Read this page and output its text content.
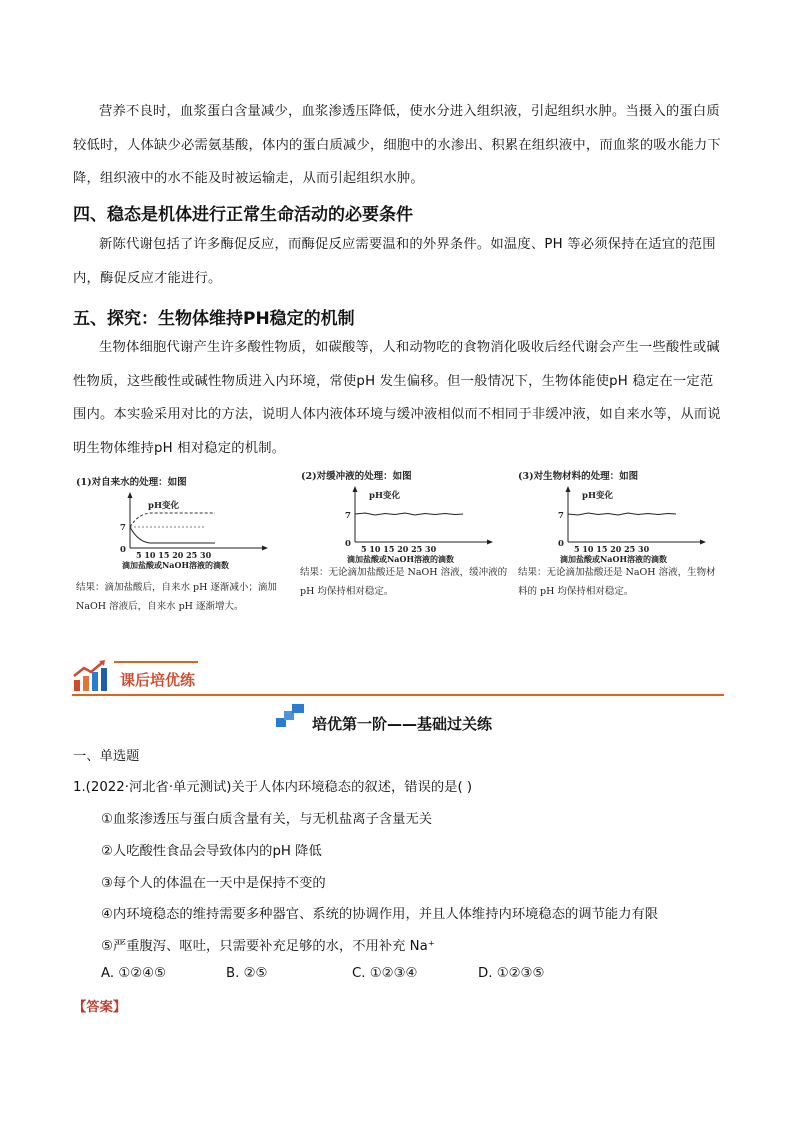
营养不良时，血浆蛋白含量减少，血浆渗透压降低，使水分进入组织液，引起组织水肿。当摄入的蛋白质较低时，人体缺少必需氨基酸，体内的蛋白质减少，细胞中的水渗出、积累在组织液中，而血浆的吸水能力下降，组织液中的水不能及时被运输走，从而引起组织水肿。

四、稳态是机体进行正常生命活动的必要条件

新陈代谢包括了许多酶促反应，而酶促反应需要温和的外界条件。如温度、PH 等必须保持在适宜的范围内，酶促反应才能进行。

五、探究：生物体维持PH稳定的机制

生物体细胞代谢产生许多酸性物质，如碳酸等，人和动物吃的食物消化吸收后经代谢会产生一些酸性或碱性物质，这些酸性或碱性物质进入内环境，常使pH 发生偏移。但一般情况下，生物体能使pH 稳定在一定范围内。本实验采用对比的方法，说明人体内液体环境与缓冲液相似而不相同于非缓冲液，如自来水等，从而说明生物体维持pH 相对稳定的机制。

(1)对自来水的处理：如图
pH变化
7
0 5 10 15 20 25 30
滴加盐酸或NaOH溶液的滴数
结果：滴加盐酸后，自来水 pH 逐渐减小；滴加NaOH 溶液后，自来水 pH 逐渐增大。
(2)对缓冲液的处理：如图
pH变化
7
0 5 10 15 20 25 30
滴加盐酸或NaOH溶液的滴数
结果：无论滴加盐酸还是 NaOH 溶液，缓冲液的 pH 均保持相对稳定。
(3)对生物材料的处理：如图
pH变化
7
0 5 10 15 20 25 30
滴加盐酸或NaOH溶液的滴数
结果：无论滴加盐酸还是 NaOH 溶液，生物材料的 pH 均保持相对稳定。
课后培优练
培优第一阶——基础过关练
一、单选题
1.(2022·河北省·单元测试)关于人体内环境稳态的叙述，错误的是( )
①血浆渗透压与蛋白质含量有关，与无机盐离子含量无关
②人吃酸性食品会导致体内的pH 降低
③每个人的体温在一天中是保持不变的
④内环境稳态的维持需要多种器官、系统的协调作用，并且人体维持内环境稳态的调节能力有限
⑤严重腹泻、呕吐，只需要补充足够的水，不用补充 Na⁺
A. ①②④⑤	B. ②⑤	C. ①②③④	D. ①②③⑤
【答案】
